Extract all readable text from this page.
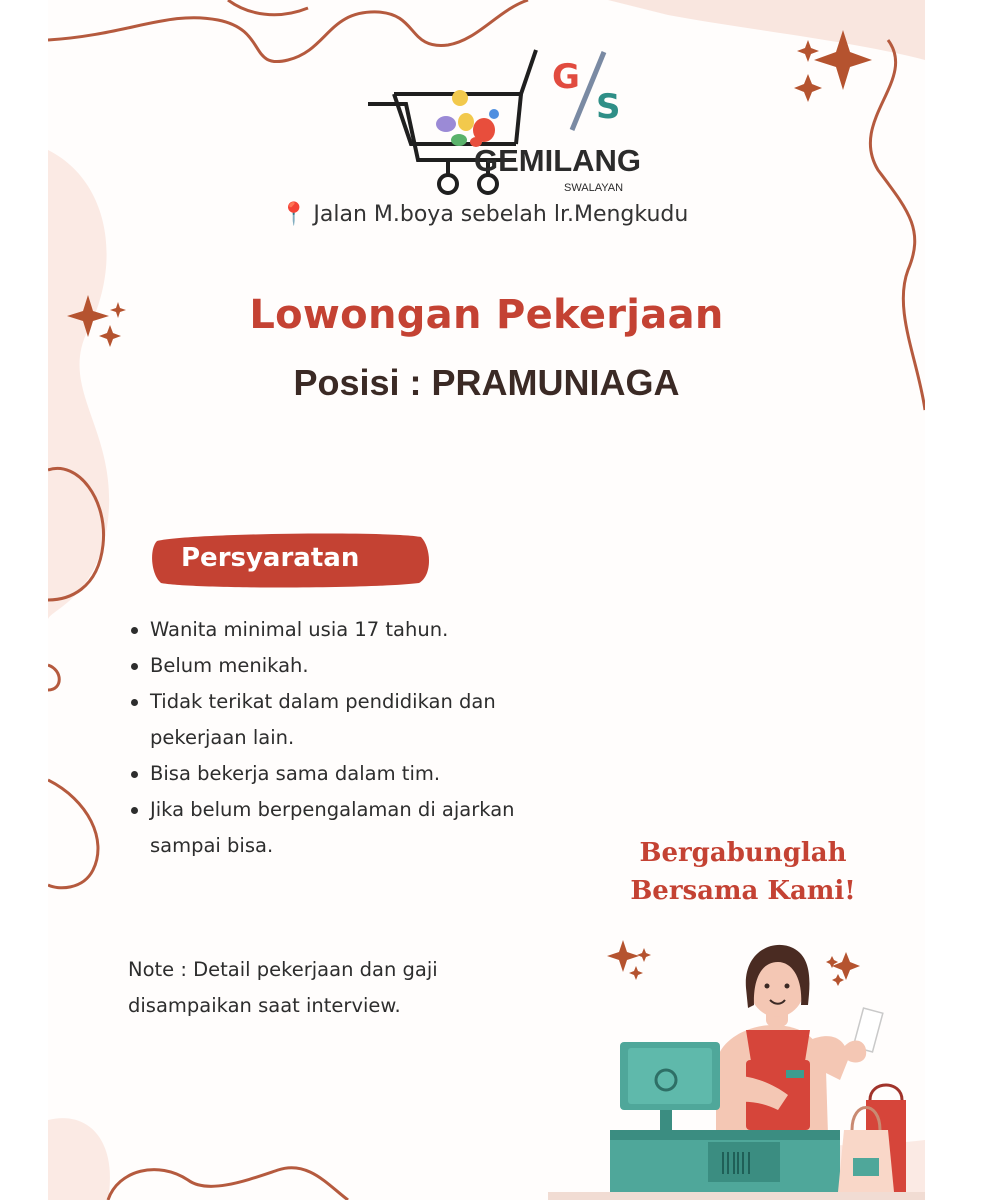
G
S
GEMILANG
SWALAYAN
📍 Jalan M.boya sebelah lr.Mengkudu
Lowongan Pekerjaan
Posisi : PRAMUNIAGA
Persyaratan
Wanita minimal usia 17 tahun.
Belum menikah.
Tidak terikat dalam pendidikan dan pekerjaan lain.
Bisa bekerja sama dalam tim.
Jika belum berpengalaman di ajarkan sampai bisa.
Note : Detail pekerjaan dan gaji disampaikan saat interview.
Bergabunglah
Bersama Kami!
